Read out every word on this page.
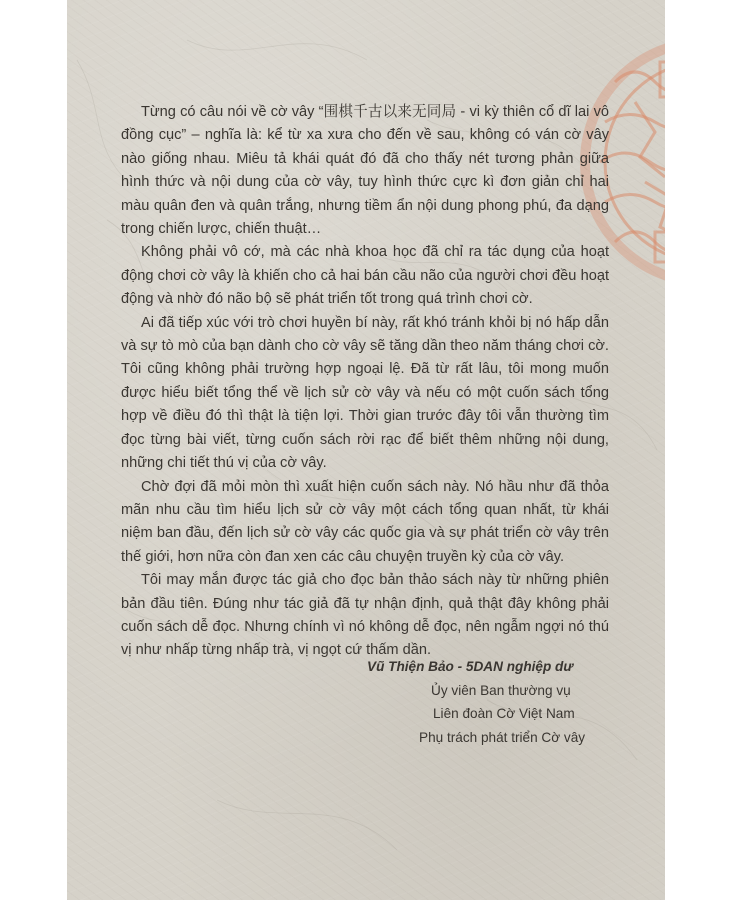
Từng có câu nói về cờ vây “围棋千古以来无同局 - vi kỳ thiên cổ dĩ lai vô đồng cục” – nghĩa là: kể từ xa xưa cho đến về sau, không có ván cờ vây nào giống nhau. Miêu tả khái quát đó đã cho thấy nét tương phản giữa hình thức và nội dung của cờ vây, tuy hình thức cực kì đơn giản chỉ hai màu quân đen và quân trắng, nhưng tiềm ẩn nội dung phong phú, đa dạng trong chiến lược, chiến thuật…

Không phải vô cớ, mà các nhà khoa học đã chỉ ra tác dụng của hoạt động chơi cờ vây là khiến cho cả hai bán cầu não của người chơi đều hoạt động và nhờ đó não bộ sẽ phát triển tốt trong quá trình chơi cờ.

Ai đã tiếp xúc với trò chơi huyền bí này, rất khó tránh khỏi bị nó hấp dẫn và sự tò mò của bạn dành cho cờ vây sẽ tăng dần theo năm tháng chơi cờ. Tôi cũng không phải trường hợp ngoại lệ. Đã từ rất lâu, tôi mong muốn được hiểu biết tổng thể về lịch sử cờ vây và nếu có một cuốn sách tổng hợp về điều đó thì thật là tiện lợi. Thời gian trước đây tôi vẫn thường tìm đọc từng bài viết, từng cuốn sách rời rạc để biết thêm những nội dung, những chi tiết thú vị của cờ vây.

Chờ đợi đã mỏi mòn thì xuất hiện cuốn sách này. Nó hầu như đã thỏa mãn nhu cầu tìm hiểu lịch sử cờ vây một cách tổng quan nhất, từ khái niệm ban đầu, đến lịch sử cờ vây các quốc gia và sự phát triển cờ vây trên thế giới, hơn nữa còn đan xen các câu chuyện truyền kỳ của cờ vây.

Tôi may mắn được tác giả cho đọc bản thảo sách này từ những phiên bản đầu tiên. Đúng như tác giả đã tự nhận định, quả thật đây không phải cuốn sách dễ đọc. Nhưng chính vì nó không dễ đọc, nên ngẫm ngợi nó thú vị như nhấp từng nhấp trà, vị ngọt cứ thấm dần.

Vũ Thiện Bảo - 5DAN nghiệp dư
Ủy viên Ban thường vụ
Liên đoàn Cờ Việt Nam
Phụ trách phát triển Cờ vây
